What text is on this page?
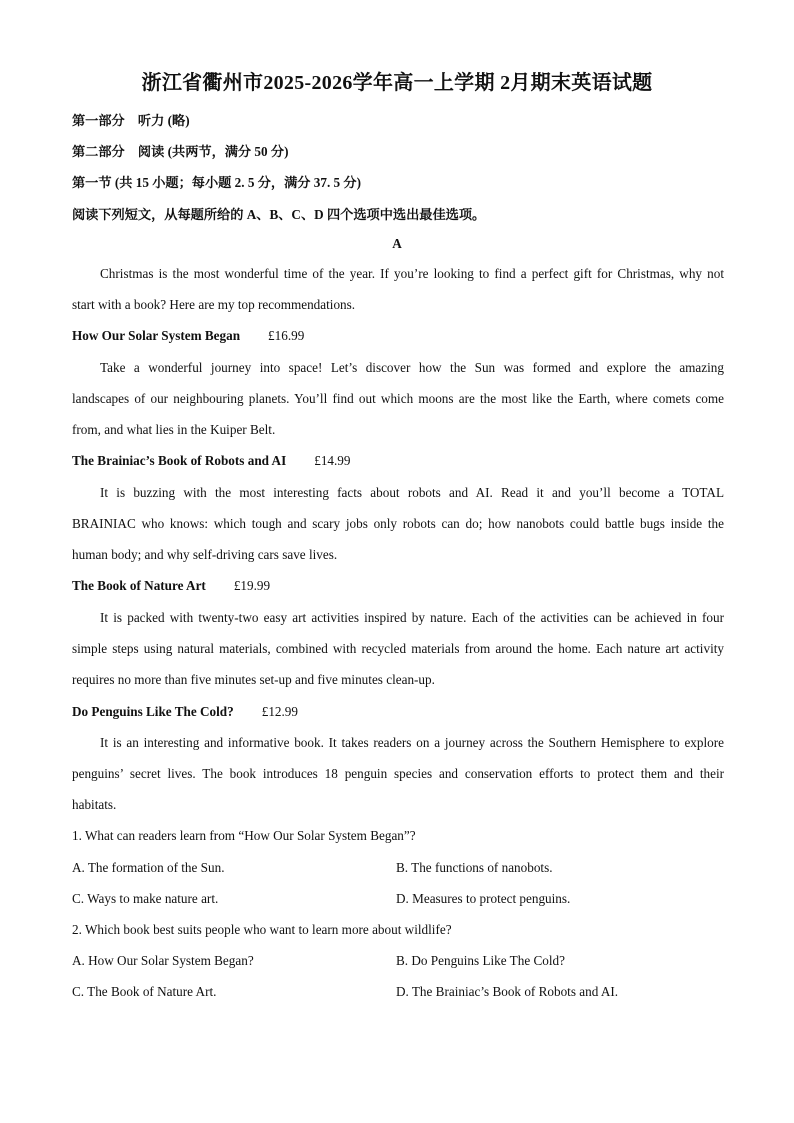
浙江省衢州市2025-2026学年高一上学期 2月期末英语试题
第一部分　听力 (略)
第二部分　阅读 (共两节，满分 50 分)
第一节 (共 15 小题；每小题 2. 5 分，满分 37. 5 分)
阅读下列短文，从每题所给的 A、B、C、D 四个选项中选出最佳选项。
A
Christmas is the most wonderful time of the year. If you’re looking to find a perfect gift for Christmas, why not
start with a book? Here are my top recommendations.
How Our Solar System Began £16.99
Take a wonderful journey into space! Let’s discover how the Sun was formed and explore the amazing
landscapes of our neighbouring planets. You’ll find out which moons are the most like the Earth, where comets come
from, and what lies in the Kuiper Belt.
The Brainiac’s Book of Robots and AI £14.99
It is buzzing with the most interesting facts about robots and AI. Read it and you’ll become a TOTAL
BRAINIAC who knows: which tough and scary jobs only robots can do; how nanobots could battle bugs inside the
human body; and why self-driving cars save lives.
The Book of Nature Art £19.99
It is packed with twenty-two easy art activities inspired by nature. Each of the activities can be achieved in four
simple steps using natural materials, combined with recycled materials from around the home. Each nature art activity
requires no more than five minutes set-up and five minutes clean-up.
Do Penguins Like The Cold? £12.99
It is an interesting and informative book. It takes readers on a journey across the Southern Hemisphere to explore
penguins’ secret lives. The book introduces 18 penguin species and conservation efforts to protect them and their
habitats.
1. What can readers learn from “How Our Solar System Began”?
A. The formation of the Sun.	B. The functions of nanobots.
C. Ways to make nature art.	D. Measures to protect penguins.
2. Which book best suits people who want to learn more about wildlife?
A. How Our Solar System Began?	B. Do Penguins Like The Cold?
C. The Book of Nature Art.	D. The Brainiac’s Book of Robots and AI.
